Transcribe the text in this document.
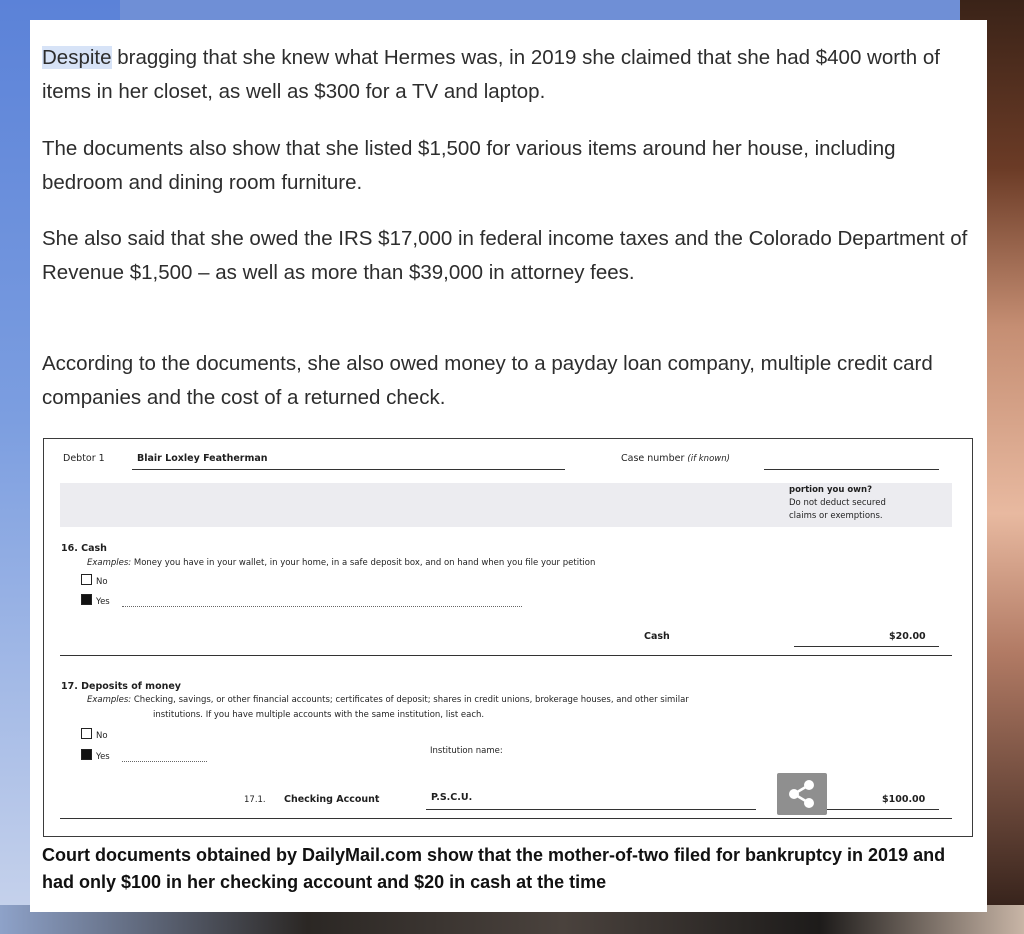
Despite bragging that she knew what Hermes was, in 2019 she claimed that she had $400 worth of items in her closet, as well as $300 for a TV and laptop.

The documents also show that she listed $1,500 for various items around her house, including bedroom and dining room furniture.

She also said that she owed the IRS $17,000 in federal income taxes and the Colorado Department of Revenue $1,500 – as well as more than $39,000 in attorney fees.

According to the documents, she also owed money to a payday loan company, multiple credit card companies and the cost of a returned check.

Debtor 1	Blair Loxley Featherman	Case number (if known)
portion you own?
Do not deduct secured
claims or exemptions.
16. Cash
Examples: Money you have in your wallet, in your home, in a safe deposit box, and on hand when you file your petition
No
Yes
Cash	$20.00
17. Deposits of money
Examples: Checking, savings, or other financial accounts; certificates of deposit; shares in credit unions, brokerage houses, and other similar
institutions. If you have multiple accounts with the same institution, list each.
No
Yes
Institution name:
17.1. Checking Account	P.S.C.U.	$100.00

Court documents obtained by DailyMail.com show that the mother-of-two filed for bankruptcy in 2019 and had only $100 in her checking account and $20 in cash at the time
